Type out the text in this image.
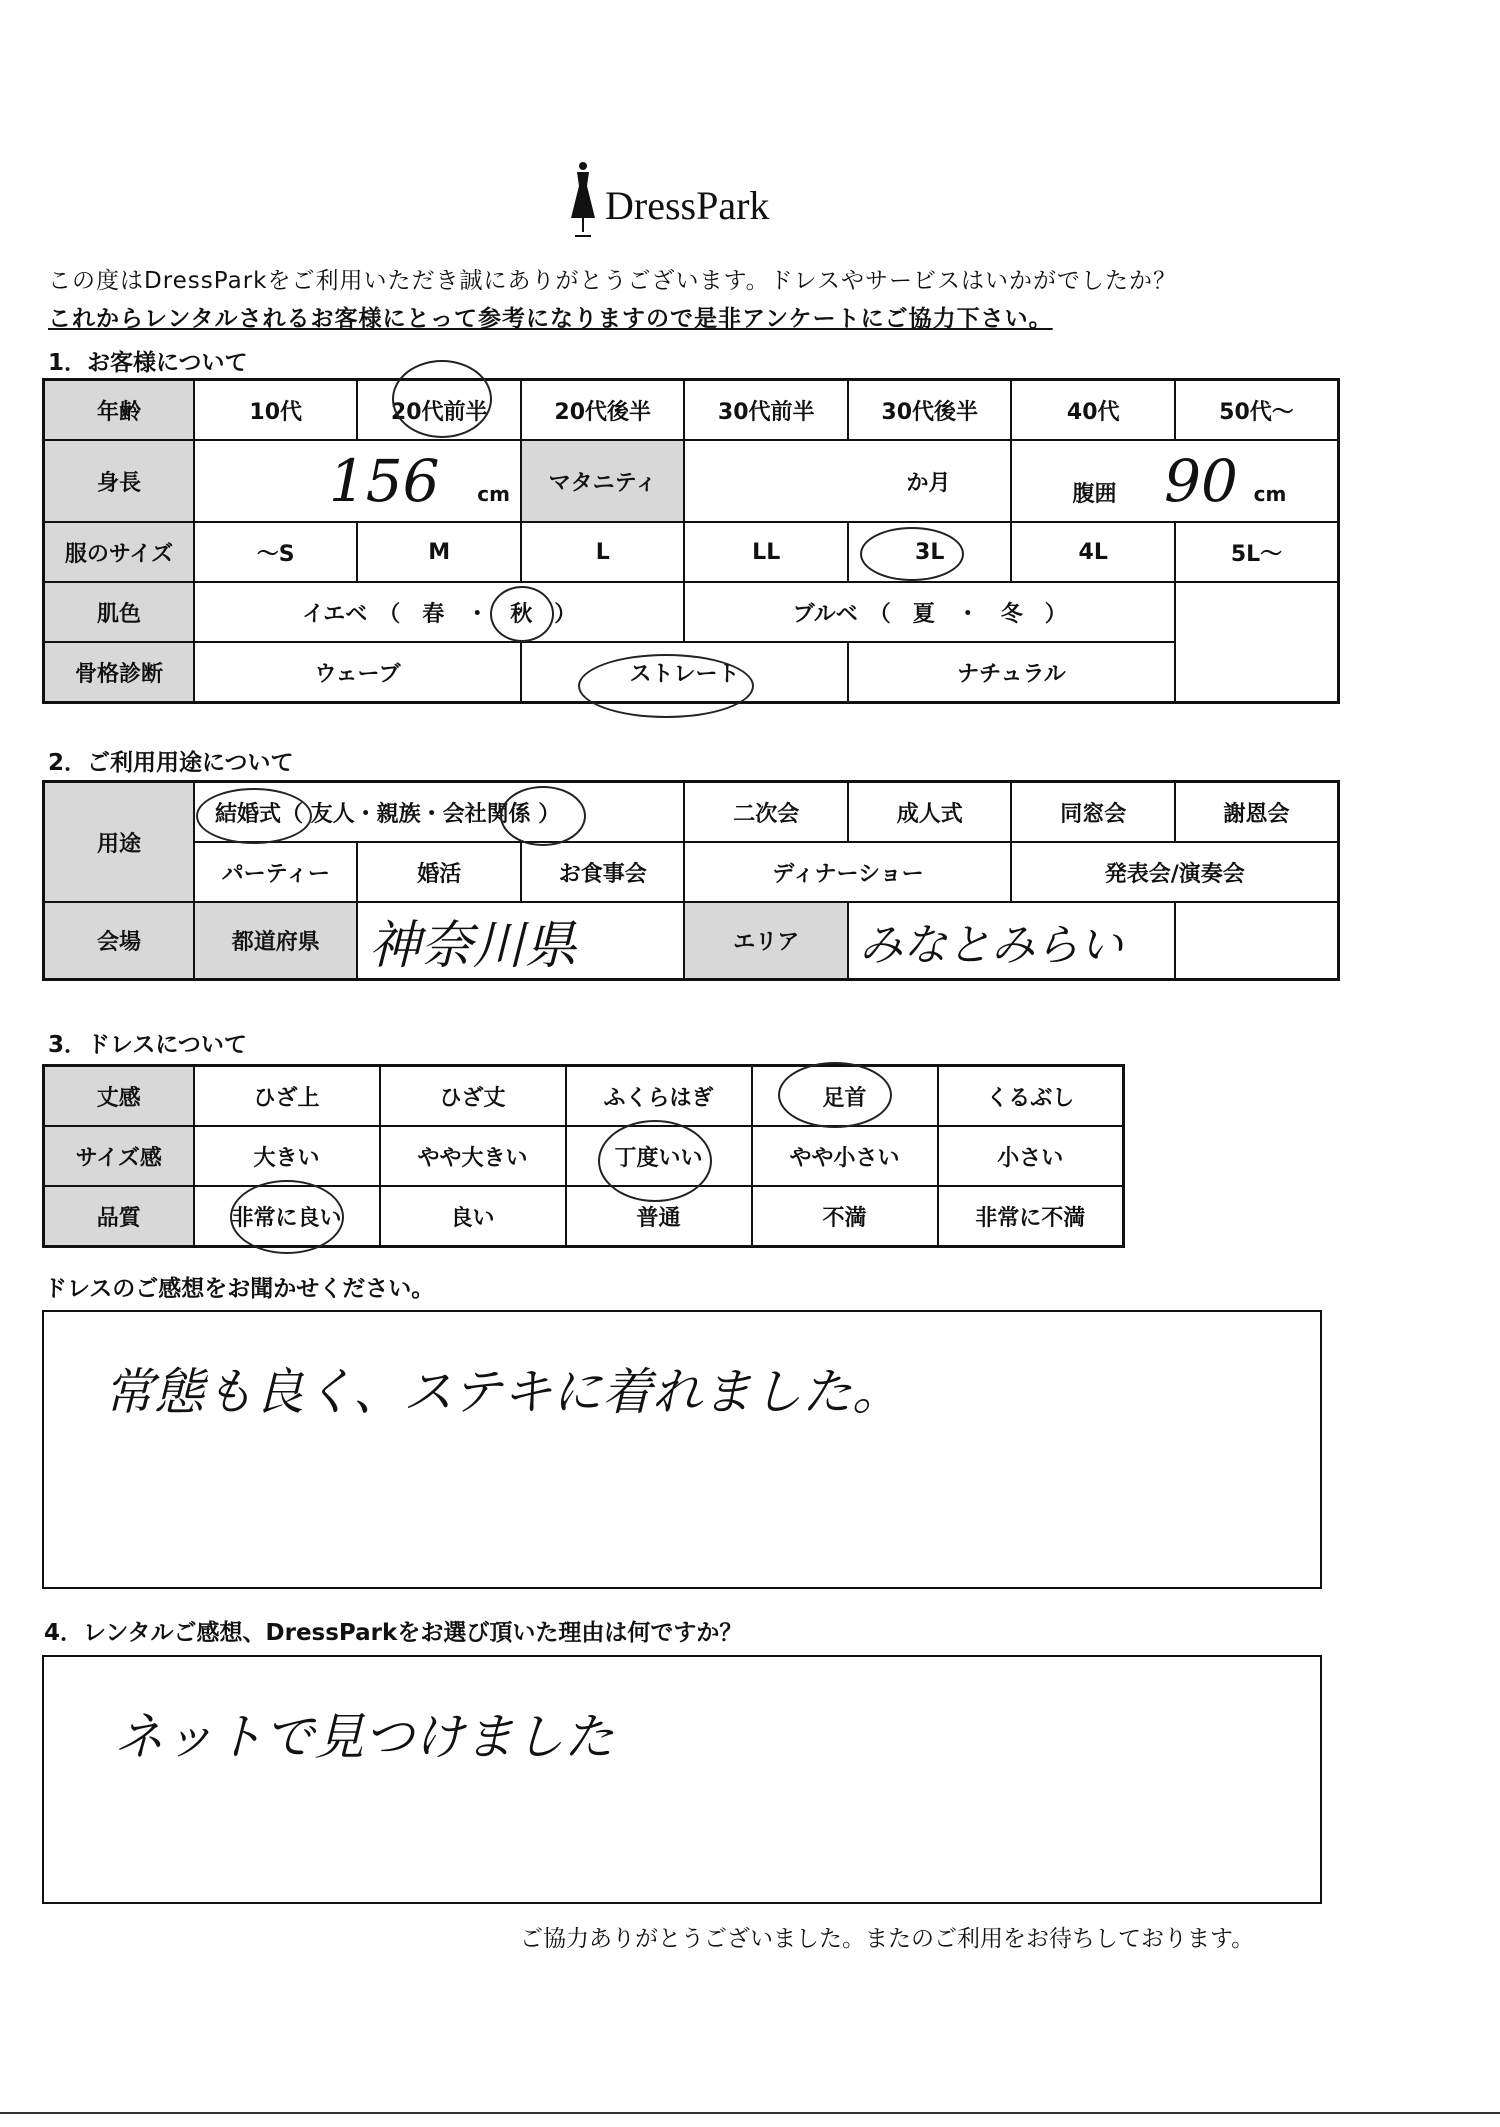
DressPark
この度はDressParkをご利用いただき誠にありがとうございます。ドレスやサービスはいかがでしたか？
これからレンタルされるお客様にとって参考になりますので是非アンケートにご協力下さい。
1．お客様について
年齢	10代	20代前半	20代後半	30代前半	30代後半	40代	50代～
身長	156 cm		マタニティ	か月		腹囲 90 cm	
服のサイズ	～S	M	L	LL	3L	4L	5L～
肌色	イエベ　（　春　・　秋　）			ブルベ　（　夏　・　冬　）			
骨格診断	ウェーブ		ストレート		ナチュラル		
2．ご利用用途について
用途	結婚式（ 友人・親族・会社関係 ）			二次会	成人式	同窓会	謝恩会
	パーティー	婚活	お食事会	ディナーショー		発表会/演奏会	
会場	都道府県	神奈川県		エリア	みなとみらい		
3．ドレスについて
丈感	ひざ上	ひざ丈	ふくらはぎ	足首	くるぶし
サイズ感	大きい	やや大きい	丁度いい	やや小さい	小さい
品質	非常に良い	良い	普通	不満	非常に不満
ドレスのご感想をお聞かせください。
常態も良く、ステキに着れました。
4．レンタルご感想、DressParkをお選び頂いた理由は何ですか？
ネットで見つけました
ご協力ありがとうございました。またのご利用をお待ちしております。
